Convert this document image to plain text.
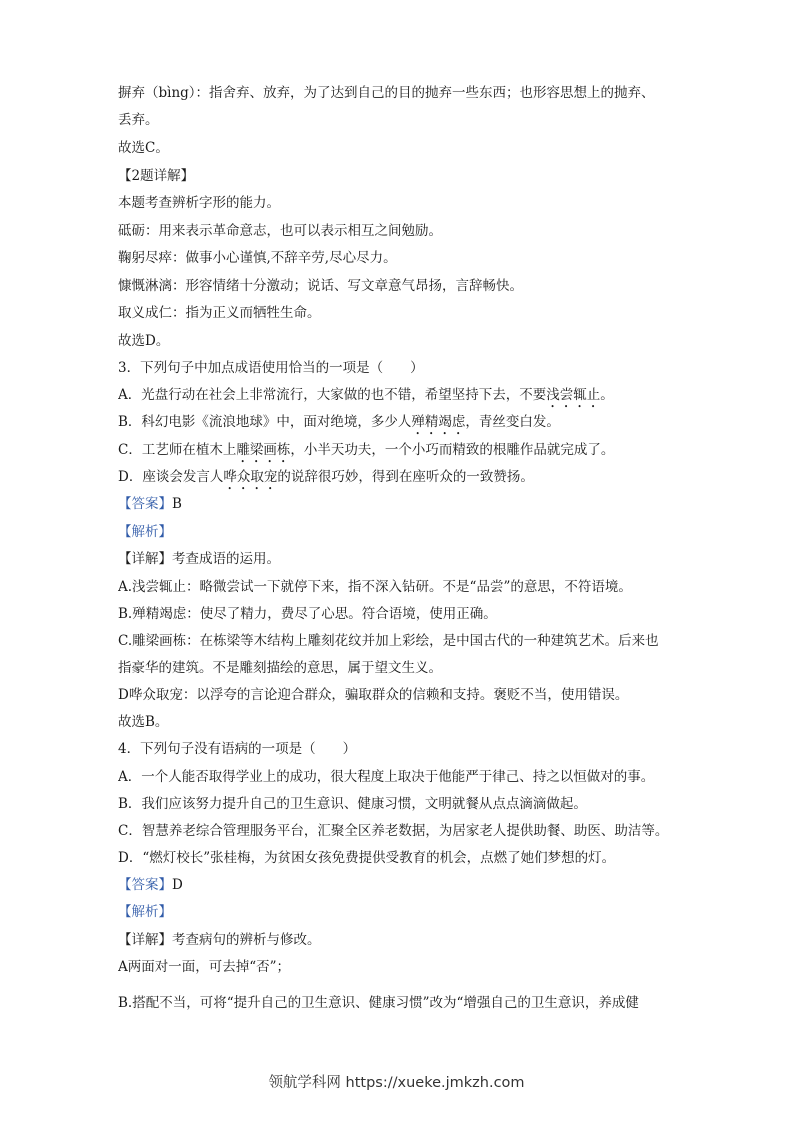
摒弃（bìng）：指舍弃、放弃，为了达到自己的目的抛弃一些东西；也形容思想上的抛弃、
丢弃。
故选C。
【2题详解】
本题考查辨析字形的能力。
砥砺：用来表示革命意志，也可以表示相互之间勉励。
鞠躬尽瘁：做事小心谨慎,不辞辛劳,尽心尽力。
慷慨淋漓：形容情绪十分激动；说话、写文章意气昂扬，言辞畅快。
取义成仁：指为正义而牺牲生命。
故选D。
3．下列句子中加点成语使用恰当的一项是（　　）
A．光盘行动在社会上非常流行，大家做的也不错，希望坚持下去，不要浅尝辄止。
B．科幻电影《流浪地球》中，面对绝境，多少人殚精竭虑，青丝变白发。
C．工艺师在植木上雕梁画栋，小半天功夫，一个小巧而精致的根雕作品就完成了。
D．座谈会发言人哗众取宠的说辞很巧妙，得到在座听众的一致赞扬。
【答案】B
【解析】
【详解】考查成语的运用。
A.浅尝辄止：略微尝试一下就停下来，指不深入钻研。不是“品尝”的意思，不符语境。
B.殚精竭虑：使尽了精力，费尽了心思。符合语境，使用正确。
C.雕梁画栋：在栋梁等木结构上雕刻花纹并加上彩绘，是中国古代的一种建筑艺术。后来也
指豪华的建筑。不是雕刻描绘的意思，属于望文生义。
D哗众取宠：以浮夸的言论迎合群众，骗取群众的信赖和支持。褒贬不当，使用错误。
故选B。
4．下列句子没有语病的一项是（　　）
A．一个人能否取得学业上的成功，很大程度上取决于他能严于律己、持之以恒做对的事。
B．我们应该努力提升自己的卫生意识、健康习惯，文明就餐从点点滴滴做起。
C．智慧养老综合管理服务平台，汇聚全区养老数据，为居家老人提供助餐、助医、助洁等。
D．“燃灯校长”张桂梅，为贫困女孩免费提供受教育的机会，点燃了她们梦想的灯。
【答案】D
【解析】
【详解】考查病句的辨析与修改。
A两面对一面，可去掉“否”；
B.搭配不当，可将“提升自己的卫生意识、健康习惯”改为“增强自己的卫生意识，养成健
领航学科网 https://xueke.jmkzh.com
